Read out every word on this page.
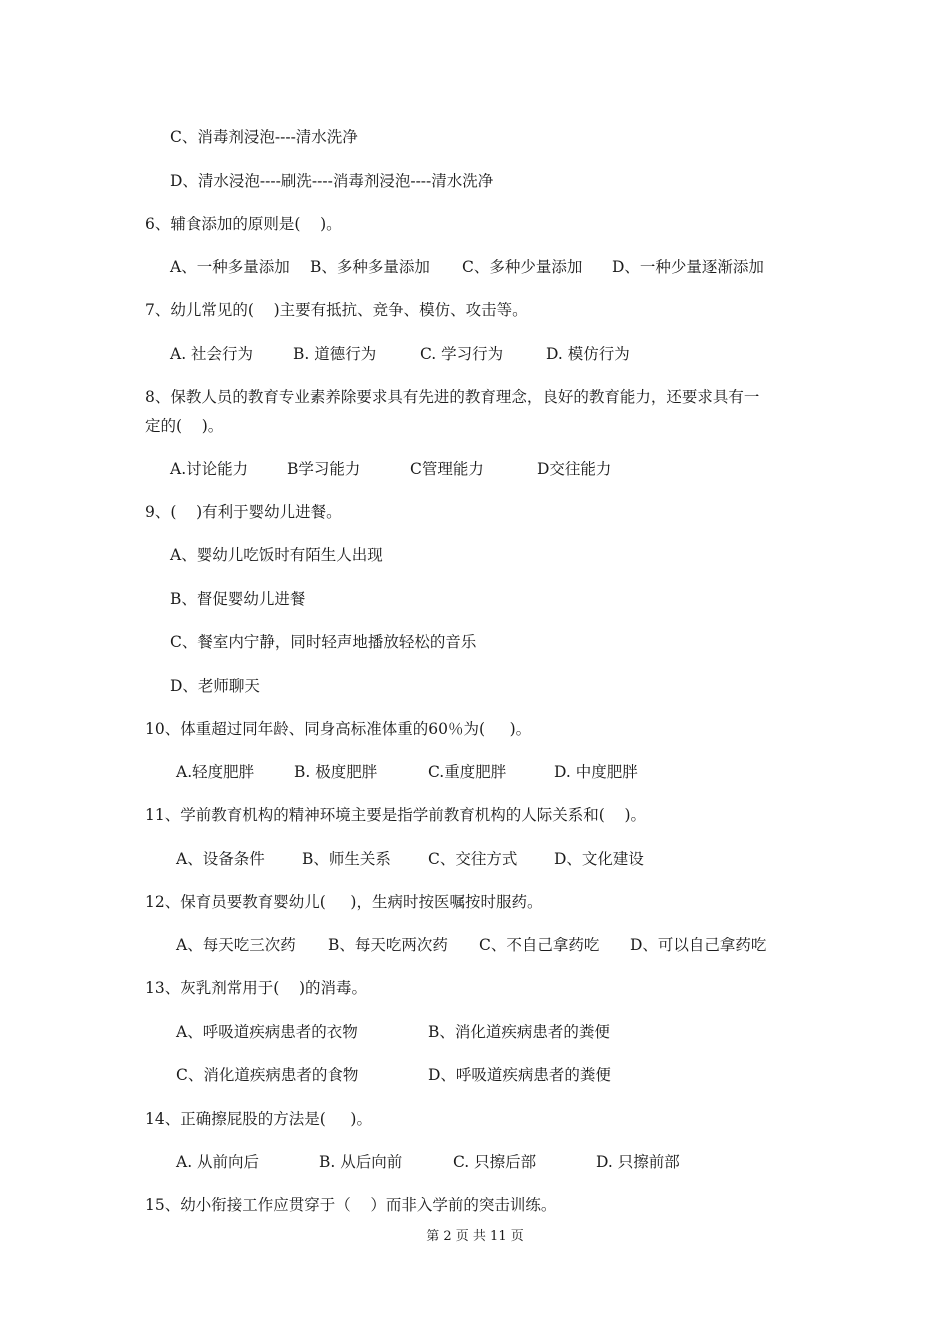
C、消毒剂浸泡----清水洗净
D、清水浸泡----刷洗----消毒剂浸泡----清水洗净
6、辅食添加的原则是(    )。
A、一种多量添加 B、多种多量添加 C、多种少量添加 D、一种少量逐渐添加
7、幼儿常见的(    )主要有抵抗、竞争、模仿、攻击等。
A. 社会行为	B. 道德行为	C. 学习行为	D. 模仿行为
8、保教人员的教育专业素养除要求具有先进的教育理念，良好的教育能力，还要求具有一
定的(    )。
A.讨论能力	B学习能力	C管理能力	D交往能力
9、(    )有利于婴幼儿进餐。
A、婴幼儿吃饭时有陌生人出现
B、督促婴幼儿进餐
C、餐室内宁静，同时轻声地播放轻松的音乐
D、老师聊天
10、体重超过同年龄、同身高标准体重的60％为(     )。
A.轻度肥胖	B. 极度肥胖	C.重度肥胖	D. 中度肥胖
11、学前教育机构的精神环境主要是指学前教育机构的人际关系和(    )。
A、设备条件 B、师生关系 C、交往方式 D、文化建设
12、保育员要教育婴幼儿(     )，生病时按医嘱按时服药。
A、每天吃三次药 B、每天吃两次药 C、不自己拿药吃 D、可以自己拿药吃
13、灰乳剂常用于(    )的消毒。
A、呼吸道疾病患者的衣物	B、消化道疾病患者的粪便
C、消化道疾病患者的食物	D、呼吸道疾病患者的粪便
14、正确擦屁股的方法是(     )。
A. 从前向后	B. 从后向前	C. 只擦后部	D. 只擦前部
15、幼小衔接工作应贯穿于（    ）而非入学前的突击训练。
第 2 页 共 11 页
